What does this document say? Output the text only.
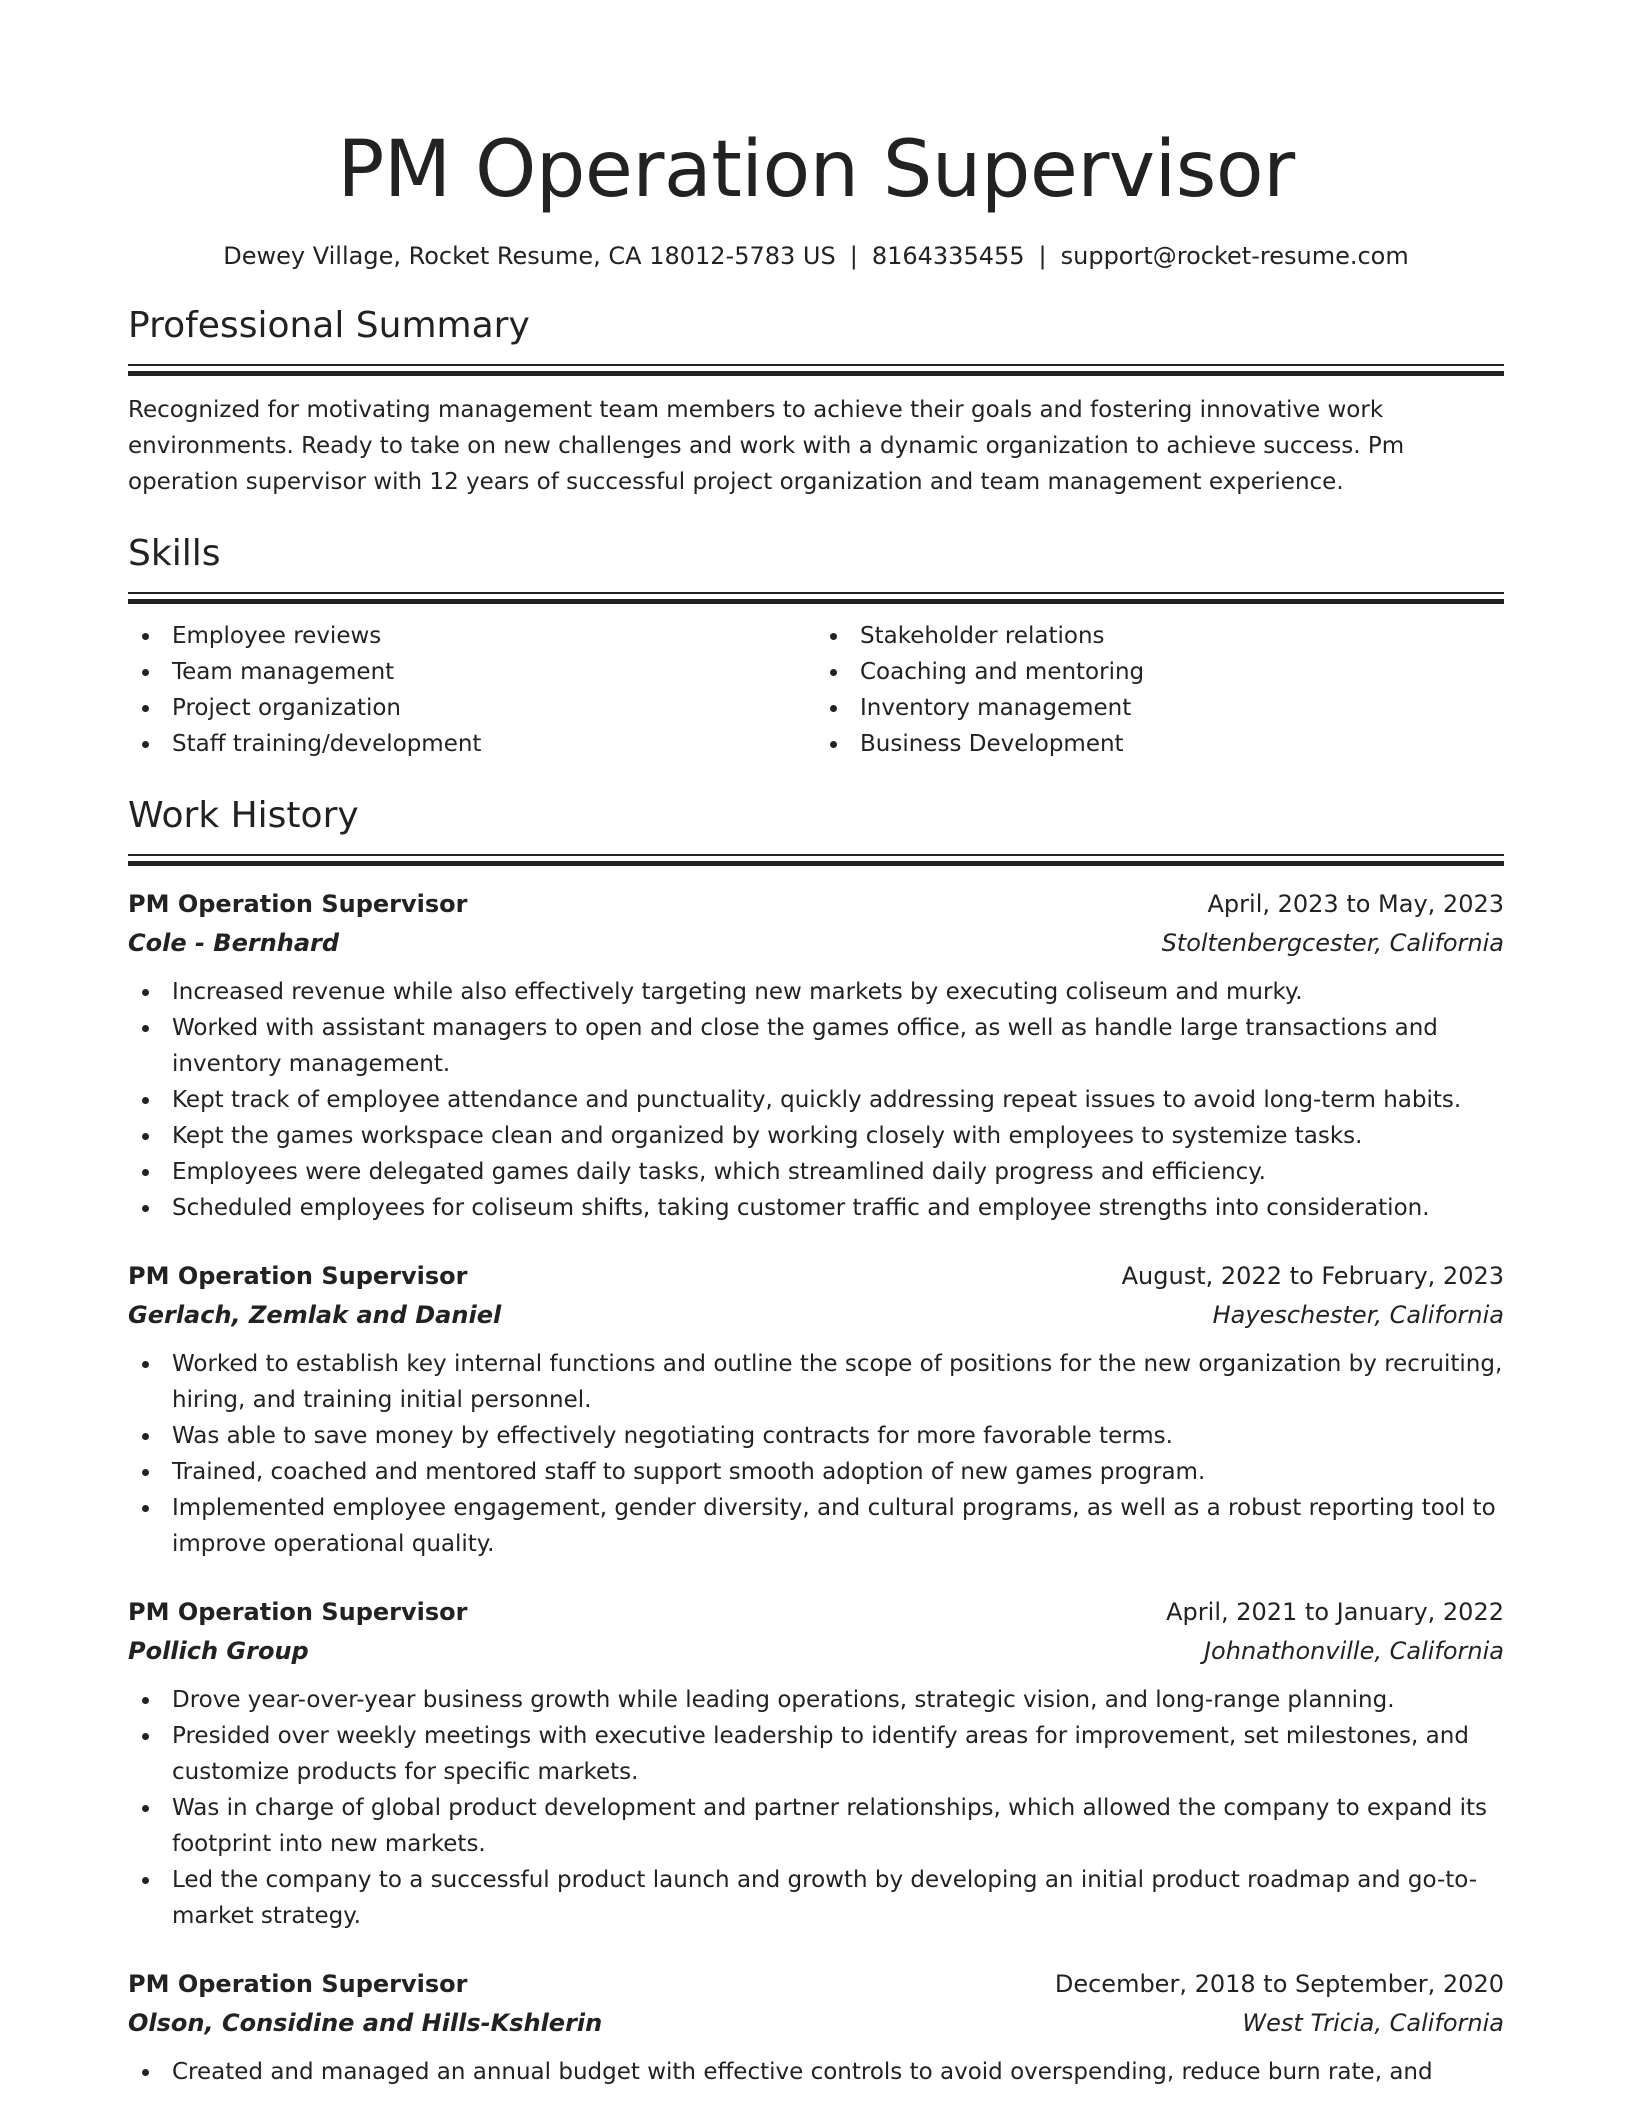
PM Operation Supervisor
Dewey Village, Rocket Resume, CA 18012-5783 US | 8164335455 | support@rocket-resume.com
Professional Summary

Recognized for motivating management team members to achieve their goals and fostering innovative work environments. Ready to take on new challenges and work with a dynamic organization to achieve success. Pm operation supervisor with 12 years of successful project organization and team management experience.

Skills
Employee reviews
Team management
Project organization
Staff training/development
Stakeholder relations
Coaching and mentoring
Inventory management
Business Development
Work History
PM Operation Supervisor	April, 2023 to May, 2023
Cole - Bernhard	Stoltenbergcester, California
Increased revenue while also effectively targeting new markets by executing coliseum and murky.
Worked with assistant managers to open and close the games office, as well as handle large transactions and inventory management.
Kept track of employee attendance and punctuality, quickly addressing repeat issues to avoid long-term habits.
Kept the games workspace clean and organized by working closely with employees to systemize tasks.
Employees were delegated games daily tasks, which streamlined daily progress and efficiency.
Scheduled employees for coliseum shifts, taking customer traffic and employee strengths into consideration.
PM Operation Supervisor	August, 2022 to February, 2023
Gerlach, Zemlak and Daniel	Hayeschester, California
Worked to establish key internal functions and outline the scope of positions for the new organization by recruiting, hiring, and training initial personnel.
Was able to save money by effectively negotiating contracts for more favorable terms.
Trained, coached and mentored staff to support smooth adoption of new games program.
Implemented employee engagement, gender diversity, and cultural programs, as well as a robust reporting tool to improve operational quality.
PM Operation Supervisor	April, 2021 to January, 2022
Pollich Group	Johnathonville, California
Drove year-over-year business growth while leading operations, strategic vision, and long-range planning.
Presided over weekly meetings with executive leadership to identify areas for improvement, set milestones, and customize products for specific markets.
Was in charge of global product development and partner relationships, which allowed the company to expand its footprint into new markets.
Led the company to a successful product launch and growth by developing an initial product roadmap and go-to-market strategy.
PM Operation Supervisor	December, 2018 to September, 2020
Olson, Considine and Hills-Kshlerin	West Tricia, California
Created and managed an annual budget with effective controls to avoid overspending, reduce burn rate, and
